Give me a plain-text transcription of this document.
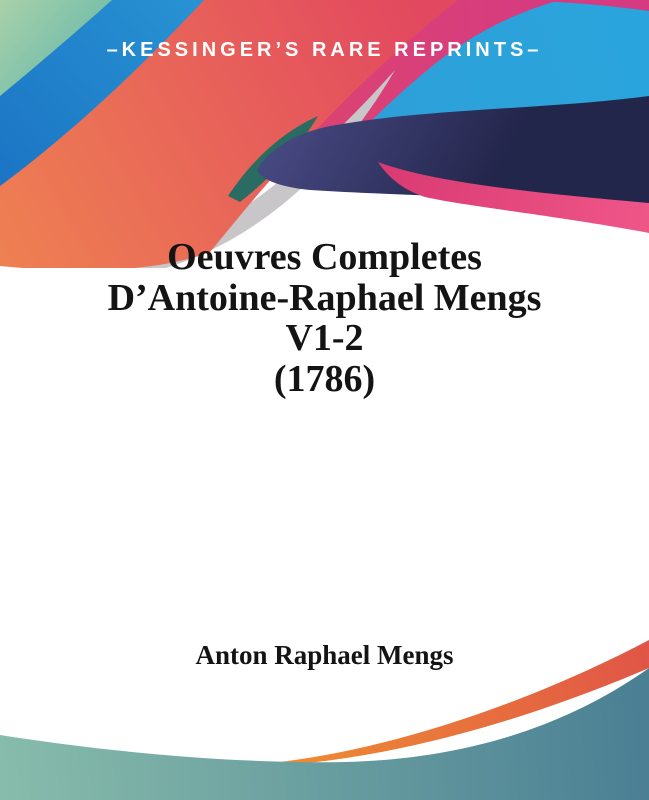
–KESSINGER’S RARE REPRINTS–
Oeuvres Completes
D’Antoine-Raphael Mengs
V1-2
(1786)
Anton Raphael Mengs
